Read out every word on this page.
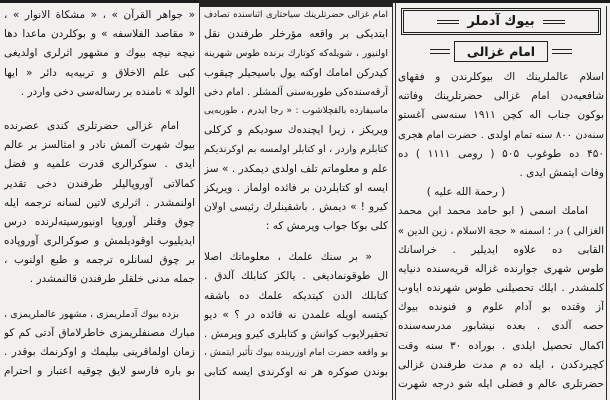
بیوك آدملر
امام غزالی
اسلام عالملرینك اك بیوكلرندن و فقهای
شافعیه‌دن امام غزالی حضرتلرینك وفاتنه
بوکون جناب اله کچن ۱۹۱۱ سنه‌سی آغستو
سنه‌دن ۸۰۰ سنه تمام اولدی . حضرت امام هجری
۴۵۰ ده طوغوب ۵۰۵ ( رومی ۱۱۱۱ ) ده
وفات ایتمش ایدی .
( رحمة الله علیه )
امامك اسمی ( ابو حامد محمد ابن محمد
الغزالی ) در ؛ اسمنه « حجة الاسلام ، زین الدین »
القابی ده علاوه ایدیلیر . خراسانك
طوس شهری جوارنده غزاله قریه‌سنده دنیایه
کلمشدر . ایلك تحصیلنی طوس شهرنده ایاوب
آز وقتده بو آدام علوم و فنونده بیوك
حصه آلدی . بعده نیشابور مدرسه‌سنده
اکمال تحصیل ایلدی . بوراده ۳۰ سنه وقت
کچیردکدن ، ایله ده م مدت طرفندن غزالی
حضرتلری عالم و فضلی ایله شو درجه شهرت
امام غزالی حضرتلرینك سیاحتاری اثناسنده تصادف
ایتدیکی بر واقعه مؤرخلر طرفندن نقل
اولنیور ، شویله‌که کوتارك برنده طوس شهرینه
کیدرکن امامك اوکنه یول باسیجیلر چیقوب
آرقه‌سنده‌کی طوربه‌سنی آلمشلر . امام دخی
ماسیفارده بالقچلاشوب : « رجا ایدرم ، طوربه‌یی
ویریکز ، زیرا ایچنده‌ك سودیکم و کرکلی
کتابلرم واردر ، او کتابلر اولمسه بم اوکرندیکم
علم و معلوماتم تلف اولدی دیمکدر . » سز
ایسه او کتابلردن بر فائده اولماز . ویریکز
کیرو ! » دیمش . باشقینلرك رئیسی اولان
کلی بوکا جواب ویرمش که :
« بر سنك علمك ، معلوماتك اصلا
ال طوقونمادیغی . یالکز کتابلك آلدق .
کتابلك الدن کیتدیکه علمك ده باشقه
کیتسه اویله علمدن نه فائده در ؟ » دیو
تحقیرلایوب کوانش و کتابلری کیرو ویرمش .
بو واقعه حضرت امام اوزرینده بیوك تأثیر ایتمش ،
بوندن صوکره هر نه اوکرندی ایسه کتابی
« جواهر القرآن » ، « مشکاة الانوار » ،
« مقاصد الفلاسفه » و بوکلردن ماعدا دها
نیچه نیچه بیوك و مشهور اثرلری اولدیغی
کبی علم الاخلاق و تربیه‌یه دائر « ایها
الولد » نامنده بر رساله‌سی دخی واردر .
امام غزالی حضرتلری کندی عصرنده
بیوك شهرت آلمش نادر و امثالسز بر عالم
ایدی . سوکرالری قدرت علمیه و فضل
کمالاتی آوروپالیلر طرفندن دخی تقدیر
اولنمشدر . اثرلری لاتین لسانه ترجمه ایله
چوق وقتلر آوروپا اونیورسیته‌لرنده درس
ایدیلیوب اوقودیلمش و صوکرالری آوروپاده
بر چوق لسانلره ترجمه و طبع اولنوب ،
جمله مدنی خلقلر طرفندن قالنمشدر .
بزده بیوك آدملریمزی ، مشهور عالملریمزی ،
مبارك مصنفلریمزی خاطرلاماق آدتی کم کو
زمان اولماقرینی بیلیمك و اوکرنمك بوقدر .
بو باره فارسو لایق چوقیه اعتبار و احترام
